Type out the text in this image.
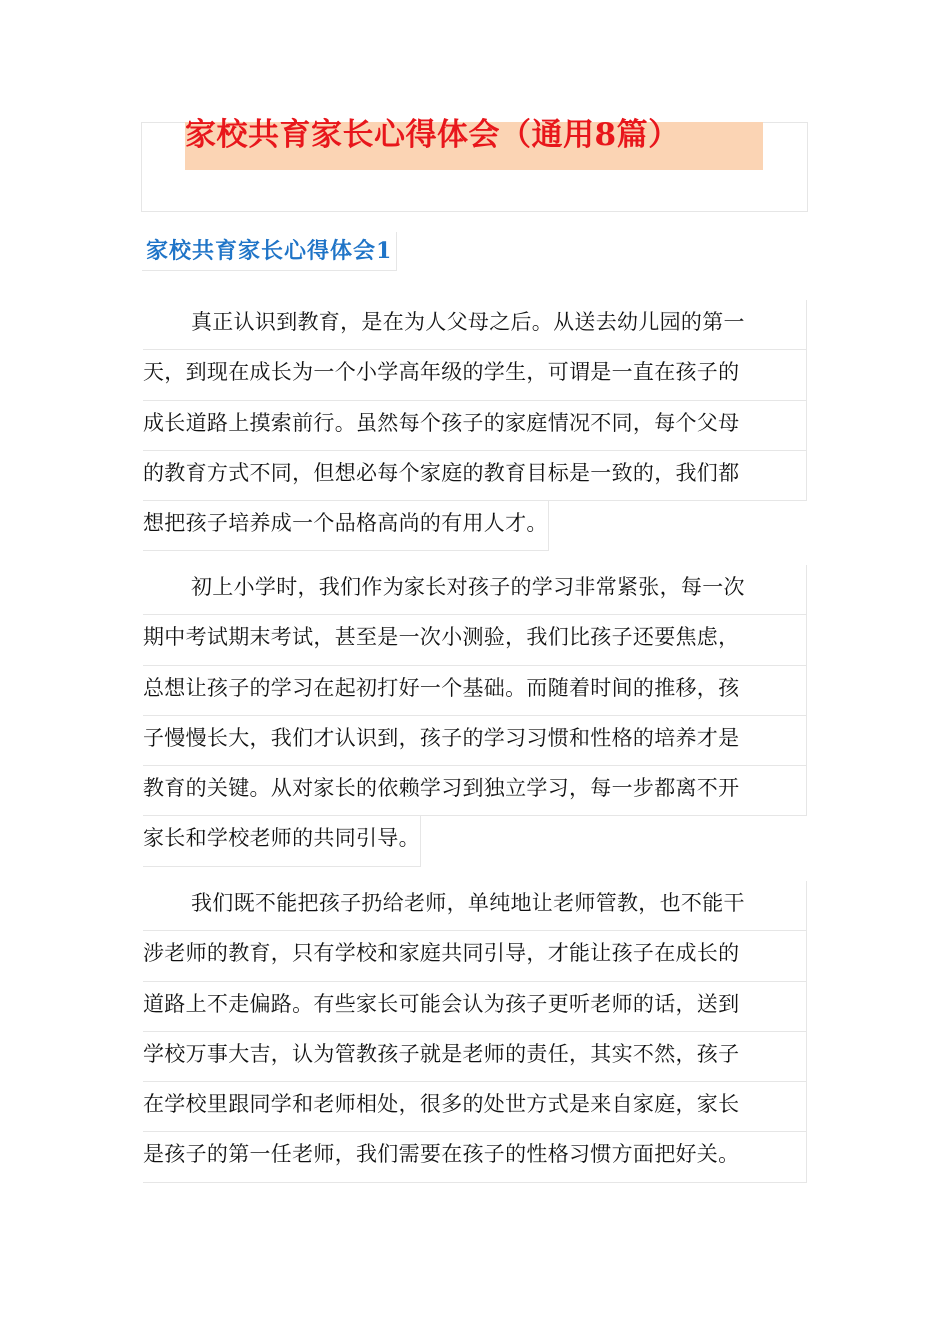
家校共育家长心得体会（通用8篇）
家校共育家长心得体会1
真正认识到教育，是在为人父母之后。从送去幼儿园的第一
天，到现在成长为一个小学高年级的学生，可谓是一直在孩子的
成长道路上摸索前行。虽然每个孩子的家庭情况不同，每个父母
的教育方式不同，但想必每个家庭的教育目标是一致的，我们都
想把孩子培养成一个品格高尚的有用人才。
初上小学时，我们作为家长对孩子的学习非常紧张，每一次
期中考试期末考试，甚至是一次小测验，我们比孩子还要焦虑，
总想让孩子的学习在起初打好一个基础。而随着时间的推移，孩
子慢慢长大，我们才认识到，孩子的学习习惯和性格的培养才是
教育的关键。从对家长的依赖学习到独立学习，每一步都离不开
家长和学校老师的共同引导。
我们既不能把孩子扔给老师，单纯地让老师管教，也不能干
涉老师的教育，只有学校和家庭共同引导，才能让孩子在成长的
道路上不走偏路。有些家长可能会认为孩子更听老师的话，送到
学校万事大吉，认为管教孩子就是老师的责任，其实不然，孩子
在学校里跟同学和老师相处，很多的处世方式是来自家庭，家长
是孩子的第一任老师，我们需要在孩子的性格习惯方面把好关。
